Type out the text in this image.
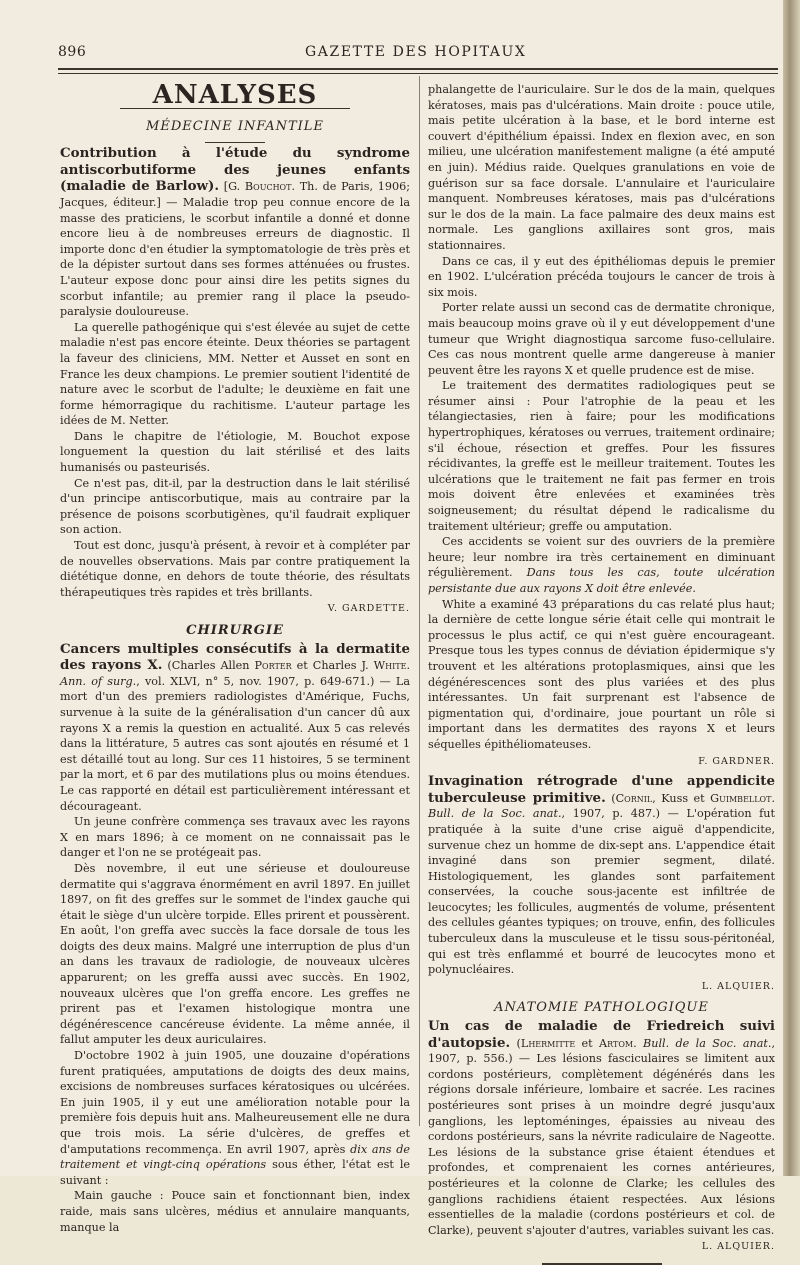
896	GAZETTE DES HOPITAUX
ANALYSES
MÉDECINE INFANTILE

Contribution à l'étude du syndrome antiscorbutiforme des jeunes enfants (maladie de Barlow). [G. Bouchot. Th. de Paris, 1906; Jacques, éditeur.] — Maladie trop peu connue encore de la masse des praticiens, le scorbut infantile a donné et donne encore lieu à de nombreuses erreurs de diagnostic. Il importe donc d'en étudier la symptomatologie de très près et de la dépister surtout dans ses formes atténuées ou frustes. L'auteur expose donc pour ainsi dire les petits signes du scorbut infantile; au premier rang il place la pseudo-paralysie douloureuse.

La querelle pathogénique qui s'est élevée au sujet de cette maladie n'est pas encore éteinte. Deux théories se partagent la faveur des cliniciens, MM. Netter et Ausset en sont en France les deux champions. Le premier soutient l'identité de nature avec le scorbut de l'adulte; le deuxième en fait une forme hémorragique du rachitisme. L'auteur partage les idées de M. Netter.

Dans le chapitre de l'étiologie, M. Bouchot expose longuement la question du lait stérilisé et des laits humanisés ou pasteurisés.

Ce n'est pas, dit-il, par la destruction dans le lait stérilisé d'un principe antiscorbutique, mais au contraire par la présence de poisons scorbutigènes, qu'il faudrait expliquer son action.

Tout est donc, jusqu'à présent, à revoir et à compléter par de nouvelles observations. Mais par contre pratiquement la diététique donne, en dehors de toute théorie, des résultats thérapeutiques très rapides et très brillants.

V. GARDETTE.
CHIRURGIE

Cancers multiples consécutifs à la dermatite des rayons X. (Charles Allen Porter et Charles J. White. Ann. of surg., vol. XLVI, n° 5, nov. 1907, p. 649-671.) — La mort d'un des premiers radiologistes d'Amérique, Fuchs, survenue à la suite de la généralisation d'un cancer dû aux rayons X a remis la question en actualité. Aux 5 cas relevés dans la littérature, 5 autres cas sont ajoutés en résumé et 1 est détaillé tout au long. Sur ces 11 histoires, 5 se terminent par la mort, et 6 par des mutilations plus ou moins étendues. Le cas rapporté en détail est particulièrement intéressant et décourageant.

Un jeune confrère commença ses travaux avec les rayons X en mars 1896; à ce moment on ne connaissait pas le danger et l'on ne se protégeait pas.

Dès novembre, il eut une sérieuse et douloureuse dermatite qui s'aggrava énormément en avril 1897. En juillet 1897, on fit des greffes sur le sommet de l'index gauche qui était le siège d'un ulcère torpide. Elles prirent et poussèrent. En août, l'on greffa avec succès la face dorsale de tous les doigts des deux mains. Malgré une interruption de plus d'un an dans les travaux de radiologie, de nouveaux ulcères apparurent; on les greffa aussi avec succès. En 1902, nouveaux ulcères que l'on greffa encore. Les greffes ne prirent pas et l'examen histologique montra une dégénérescence cancéreuse évidente. La même année, il fallut amputer les deux auriculaires.

D'octobre 1902 à juin 1905, une douzaine d'opérations furent pratiquées, amputations de doigts des deux mains, excisions de nombreuses surfaces kératosiques ou ulcérées. En juin 1905, il y eut une amélioration notable pour la première fois depuis huit ans. Malheureusement elle ne dura que trois mois. La série d'ulcères, de greffes et d'amputations recommença. En avril 1907, après dix ans de traitement et vingt-cinq opérations sous éther, l'état est le suivant :

Main gauche : Pouce sain et fonctionnant bien, index raide, mais sans ulcères, médius et annulaire manquants, manque la

phalangette de l'auriculaire. Sur le dos de la main, quelques kératoses, mais pas d'ulcérations. Main droite : pouce utile, mais petite ulcération à la base, et le bord interne est couvert d'épithélium épaissi. Index en flexion avec, en son milieu, une ulcération manifestement maligne (a été amputé en juin). Médius raide. Quelques granulations en voie de guérison sur sa face dorsale. L'annulaire et l'auriculaire manquent. Nombreuses kératoses, mais pas d'ulcérations sur le dos de la main. La face palmaire des deux mains est normale. Les ganglions axillaires sont gros, mais stationnaires.

Dans ce cas, il y eut des épithéliomas depuis le premier en 1902. L'ulcération précéda toujours le cancer de trois à six mois.

Porter relate aussi un second cas de dermatite chronique, mais beaucoup moins grave où il y eut développement d'une tumeur que Wright diagnostiqua sarcome fuso-cellulaire. Ces cas nous montrent quelle arme dangereuse à manier peuvent être les rayons X et quelle prudence est de mise.

Le traitement des dermatites radiologiques peut se résumer ainsi : Pour l'atrophie de la peau et les télangiectasies, rien à faire; pour les modifications hypertrophiques, kératoses ou verrues, traitement ordinaire; s'il échoue, résection et greffes. Pour les fissures récidivantes, la greffe est le meilleur traitement. Toutes les ulcérations que le traitement ne fait pas fermer en trois mois doivent être enlevées et examinées très soigneusement; du résultat dépend le radicalisme du traitement ultérieur; greffe ou amputation.

Ces accidents se voient sur des ouvriers de la première heure; leur nombre ira très certainement en diminuant régulièrement. Dans tous les cas, toute ulcération persistante due aux rayons X doit être enlevée.

White a examiné 43 préparations du cas relaté plus haut; la dernière de cette longue série était celle qui montrait le processus le plus actif, ce qui n'est guère encourageant. Presque tous les types connus de déviation épidermique s'y trouvent et les altérations protoplasmiques, ainsi que les dégénérescences sont des plus variées et des plus intéressantes. Un fait surprenant est l'absence de pigmentation qui, d'ordinaire, joue pourtant un rôle si important dans les dermatites des rayons X et leurs séquelles épithéliomateuses.

F. GARDNER.

Invagination rétrograde d'une appendicite tuberculeuse primitive. (Cornil, Kuss et Guimbellot. Bull. de la Soc. anat., 1907, p. 487.) — L'opération fut pratiquée à la suite d'une crise aiguë d'appendicite, survenue chez un homme de dix-sept ans. L'appendice était invaginé dans son premier segment, dilaté. Histologiquement, les glandes sont parfaitement conservées, la couche sous-jacente est infiltrée de leucocytes; les follicules, augmentés de volume, présentent des cellules géantes typiques; on trouve, enfin, des follicules tuberculeux dans la musculeuse et le tissu sous-péritonéal, qui est très enflammé et bourré de leucocytes mono et polynucléaires.

L. ALQUIER.
ANATOMIE PATHOLOGIQUE

Un cas de maladie de Friedreich suivi d'autopsie. (Lhermitte et Artom. Bull. de la Soc. anat., 1907, p. 556.) — Les lésions fasciculaires se limitent aux cordons postérieurs, complètement dégénérés dans les régions dorsale inférieure, lombaire et sacrée. Les racines postérieures sont prises à un moindre degré jusqu'aux ganglions, les leptoméninges, épaissies au niveau des cordons postérieurs, sans la névrite radiculaire de Nageotte. Les lésions de la substance grise étaient étendues et profondes, et comprenaient les cornes antérieures, postérieures et la colonne de Clarke; les cellules des ganglions rachidiens étaient respectées. Aux lésions essentielles de la maladie (cordons postérieurs et col. de Clarke), peuvent s'ajouter d'autres, variables suivant les cas.

L. ALQUIER.
